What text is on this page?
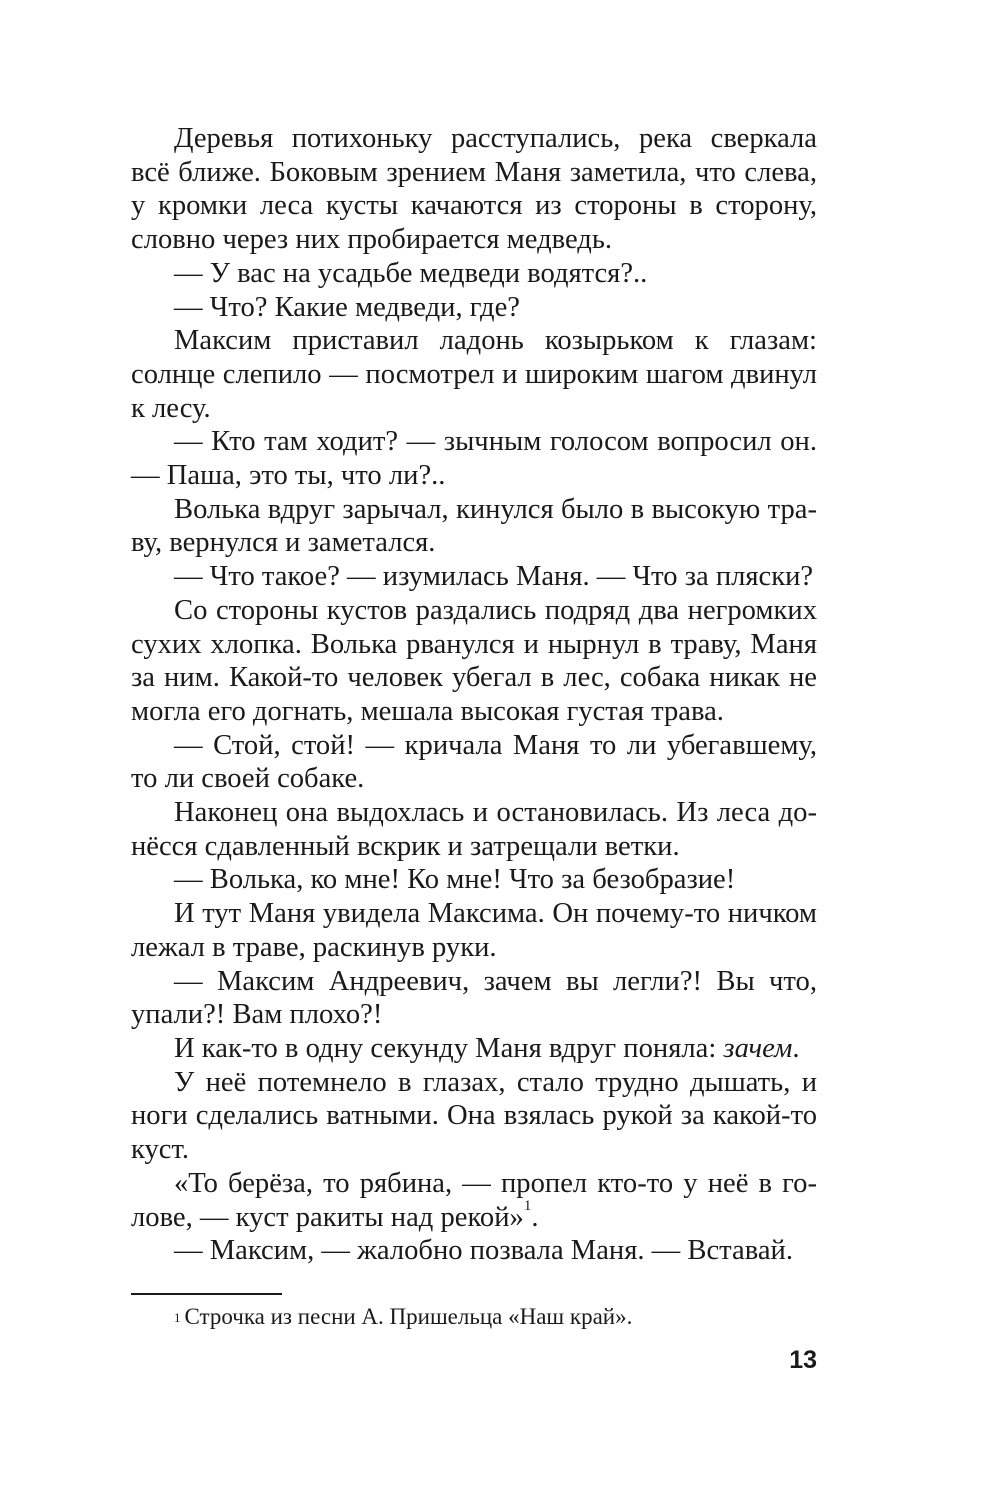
Деревья потихоньку расступались, река сверкала всё ближе. Боковым зрением Маня заметила, что слева, у кромки леса кусты качаются из стороны в сторону, словно через них пробирается медведь.

— У вас на усадьбе медведи водятся?..

— Что? Какие медведи, где?

Максим приставил ладонь козырьком к глазам: солнце слепило — посмотрел и широким шагом двинул к лесу.

— Кто там ходит? — зычным голосом вопросил он. — Паша, это ты, что ли?..

Волька вдруг зарычал, кинулся было в высокую траву, вернулся и заметался.

— Что такое? — изумилась Маня. — Что за пляски?

Со стороны кустов раздались подряд два негромких сухих хлопка. Волька рванулся и нырнул в траву, Маня за ним. Какой-то человек убегал в лес, собака никак не могла его догнать, мешала высокая густая трава.

— Стой, стой! — кричала Маня то ли убегавшему, то ли своей собаке.

Наконец она выдохлась и остановилась. Из леса донёсся сдавленный вскрик и затрещали ветки.

— Волька, ко мне! Ко мне! Что за безобразие!

И тут Маня увидела Максима. Он почему-то ничком лежал в траве, раскинув руки.

— Максим Андреевич, зачем вы легли?! Вы что, упали?! Вам плохо?!

И как-то в одну секунду Маня вдруг поняла: зачем.

У неё потемнело в глазах, стало трудно дышать, и ноги сделались ватными. Она взялась рукой за какой-то куст.

«То берёза, то рябина, — пропел кто-то у неё в голове, — куст ракиты над рекой»$^1$.

— Максим, — жалобно позвала Маня. — Вставай.

$^1$ Строчка из песни А. Пришельца «Наш край».
13
